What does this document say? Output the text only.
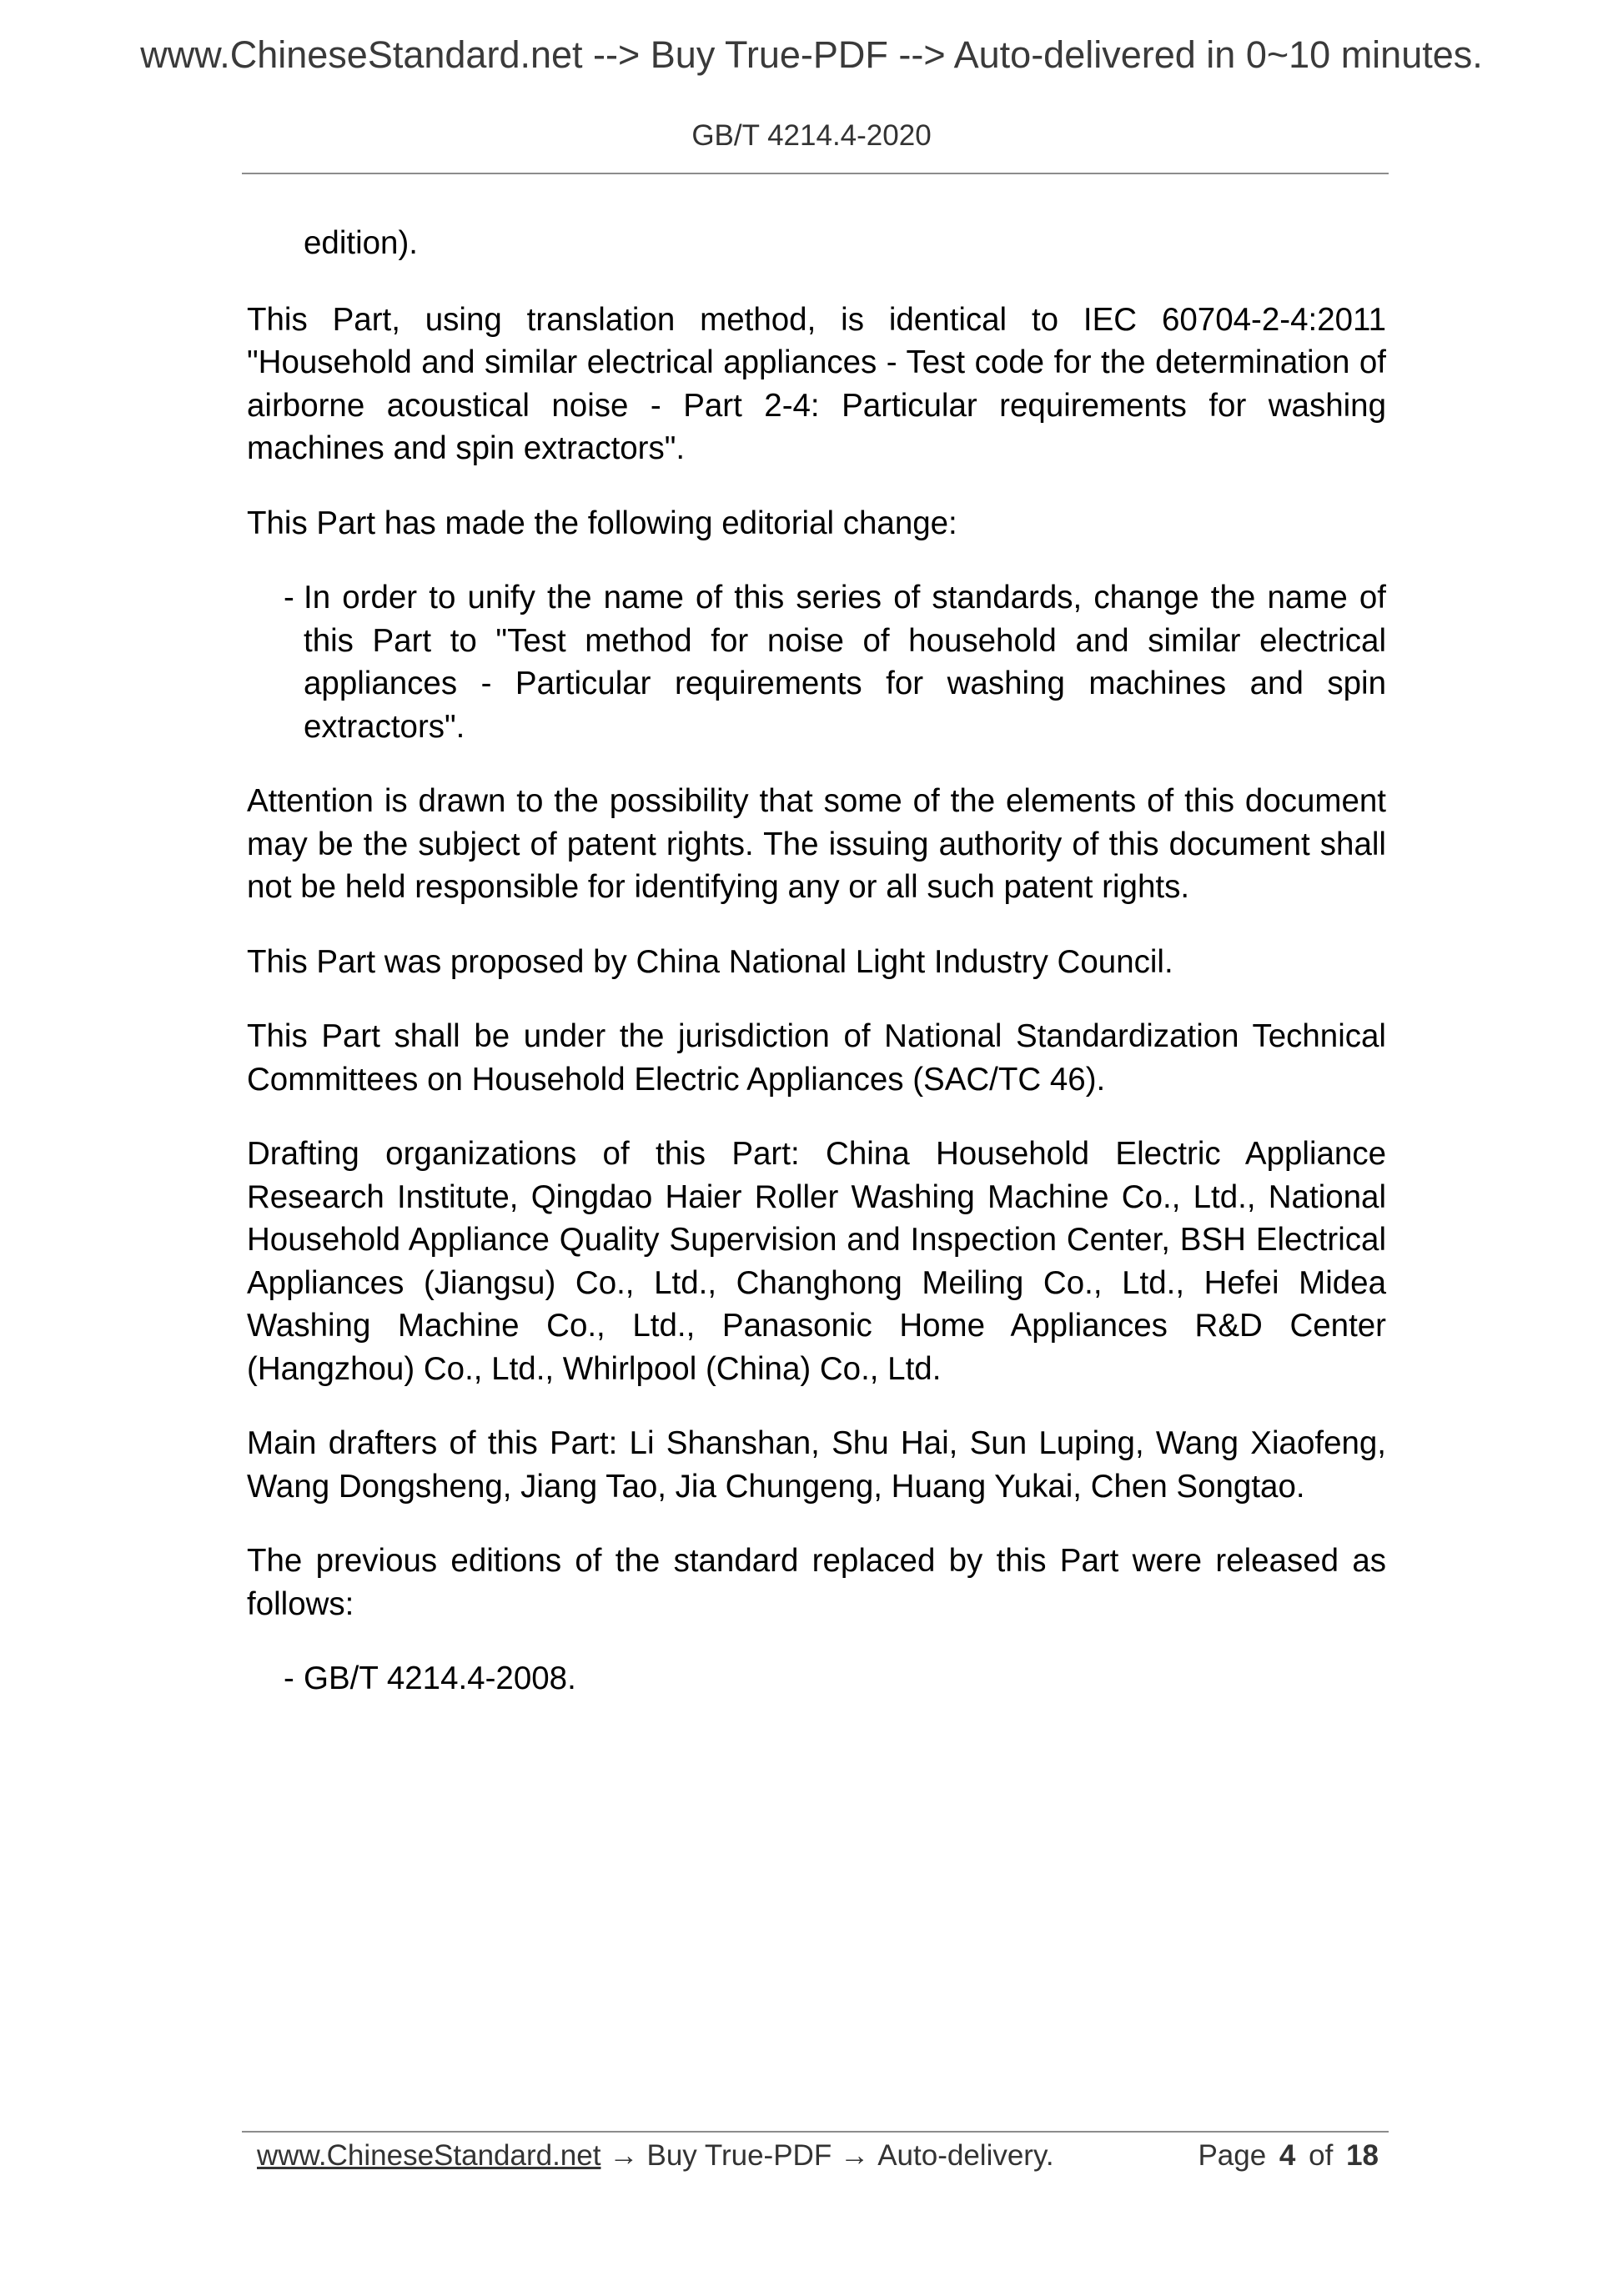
www.ChineseStandard.net --> Buy True-PDF --> Auto-delivered in 0~10 minutes.
GB/T 4214.4-2020

edition).

This Part, using translation method, is identical to IEC 60704-2-4:2011 "Household and similar electrical appliances - Test code for the determination of airborne acoustical noise - Part 2-4: Particular requirements for washing machines and spin extractors".

This Part has made the following editorial change:

- In order to unify the name of this series of standards, change the name of this Part to "Test method for noise of household and similar electrical appliances - Particular requirements for washing machines and spin extractors".

Attention is drawn to the possibility that some of the elements of this document may be the subject of patent rights. The issuing authority of this document shall not be held responsible for identifying any or all such patent rights.

This Part was proposed by China National Light Industry Council.

This Part shall be under the jurisdiction of National Standardization Technical Committees on Household Electric Appliances (SAC/TC 46).

Drafting organizations of this Part: China Household Electric Appliance Research Institute, Qingdao Haier Roller Washing Machine Co., Ltd., National Household Appliance Quality Supervision and Inspection Center, BSH Electrical Appliances (Jiangsu) Co., Ltd., Changhong Meiling Co., Ltd., Hefei Midea Washing Machine Co., Ltd., Panasonic Home Appliances R&D Center (Hangzhou) Co., Ltd., Whirlpool (China) Co., Ltd.

Main drafters of this Part: Li Shanshan, Shu Hai, Sun Luping, Wang Xiaofeng, Wang Dongsheng, Jiang Tao, Jia Chungeng, Huang Yukai, Chen Songtao.

The previous editions of the standard replaced by this Part were released as follows:

- GB/T 4214.4-2008.
www.ChineseStandard.net → Buy True-PDF → Auto-delivery.	Page 4 of 18
